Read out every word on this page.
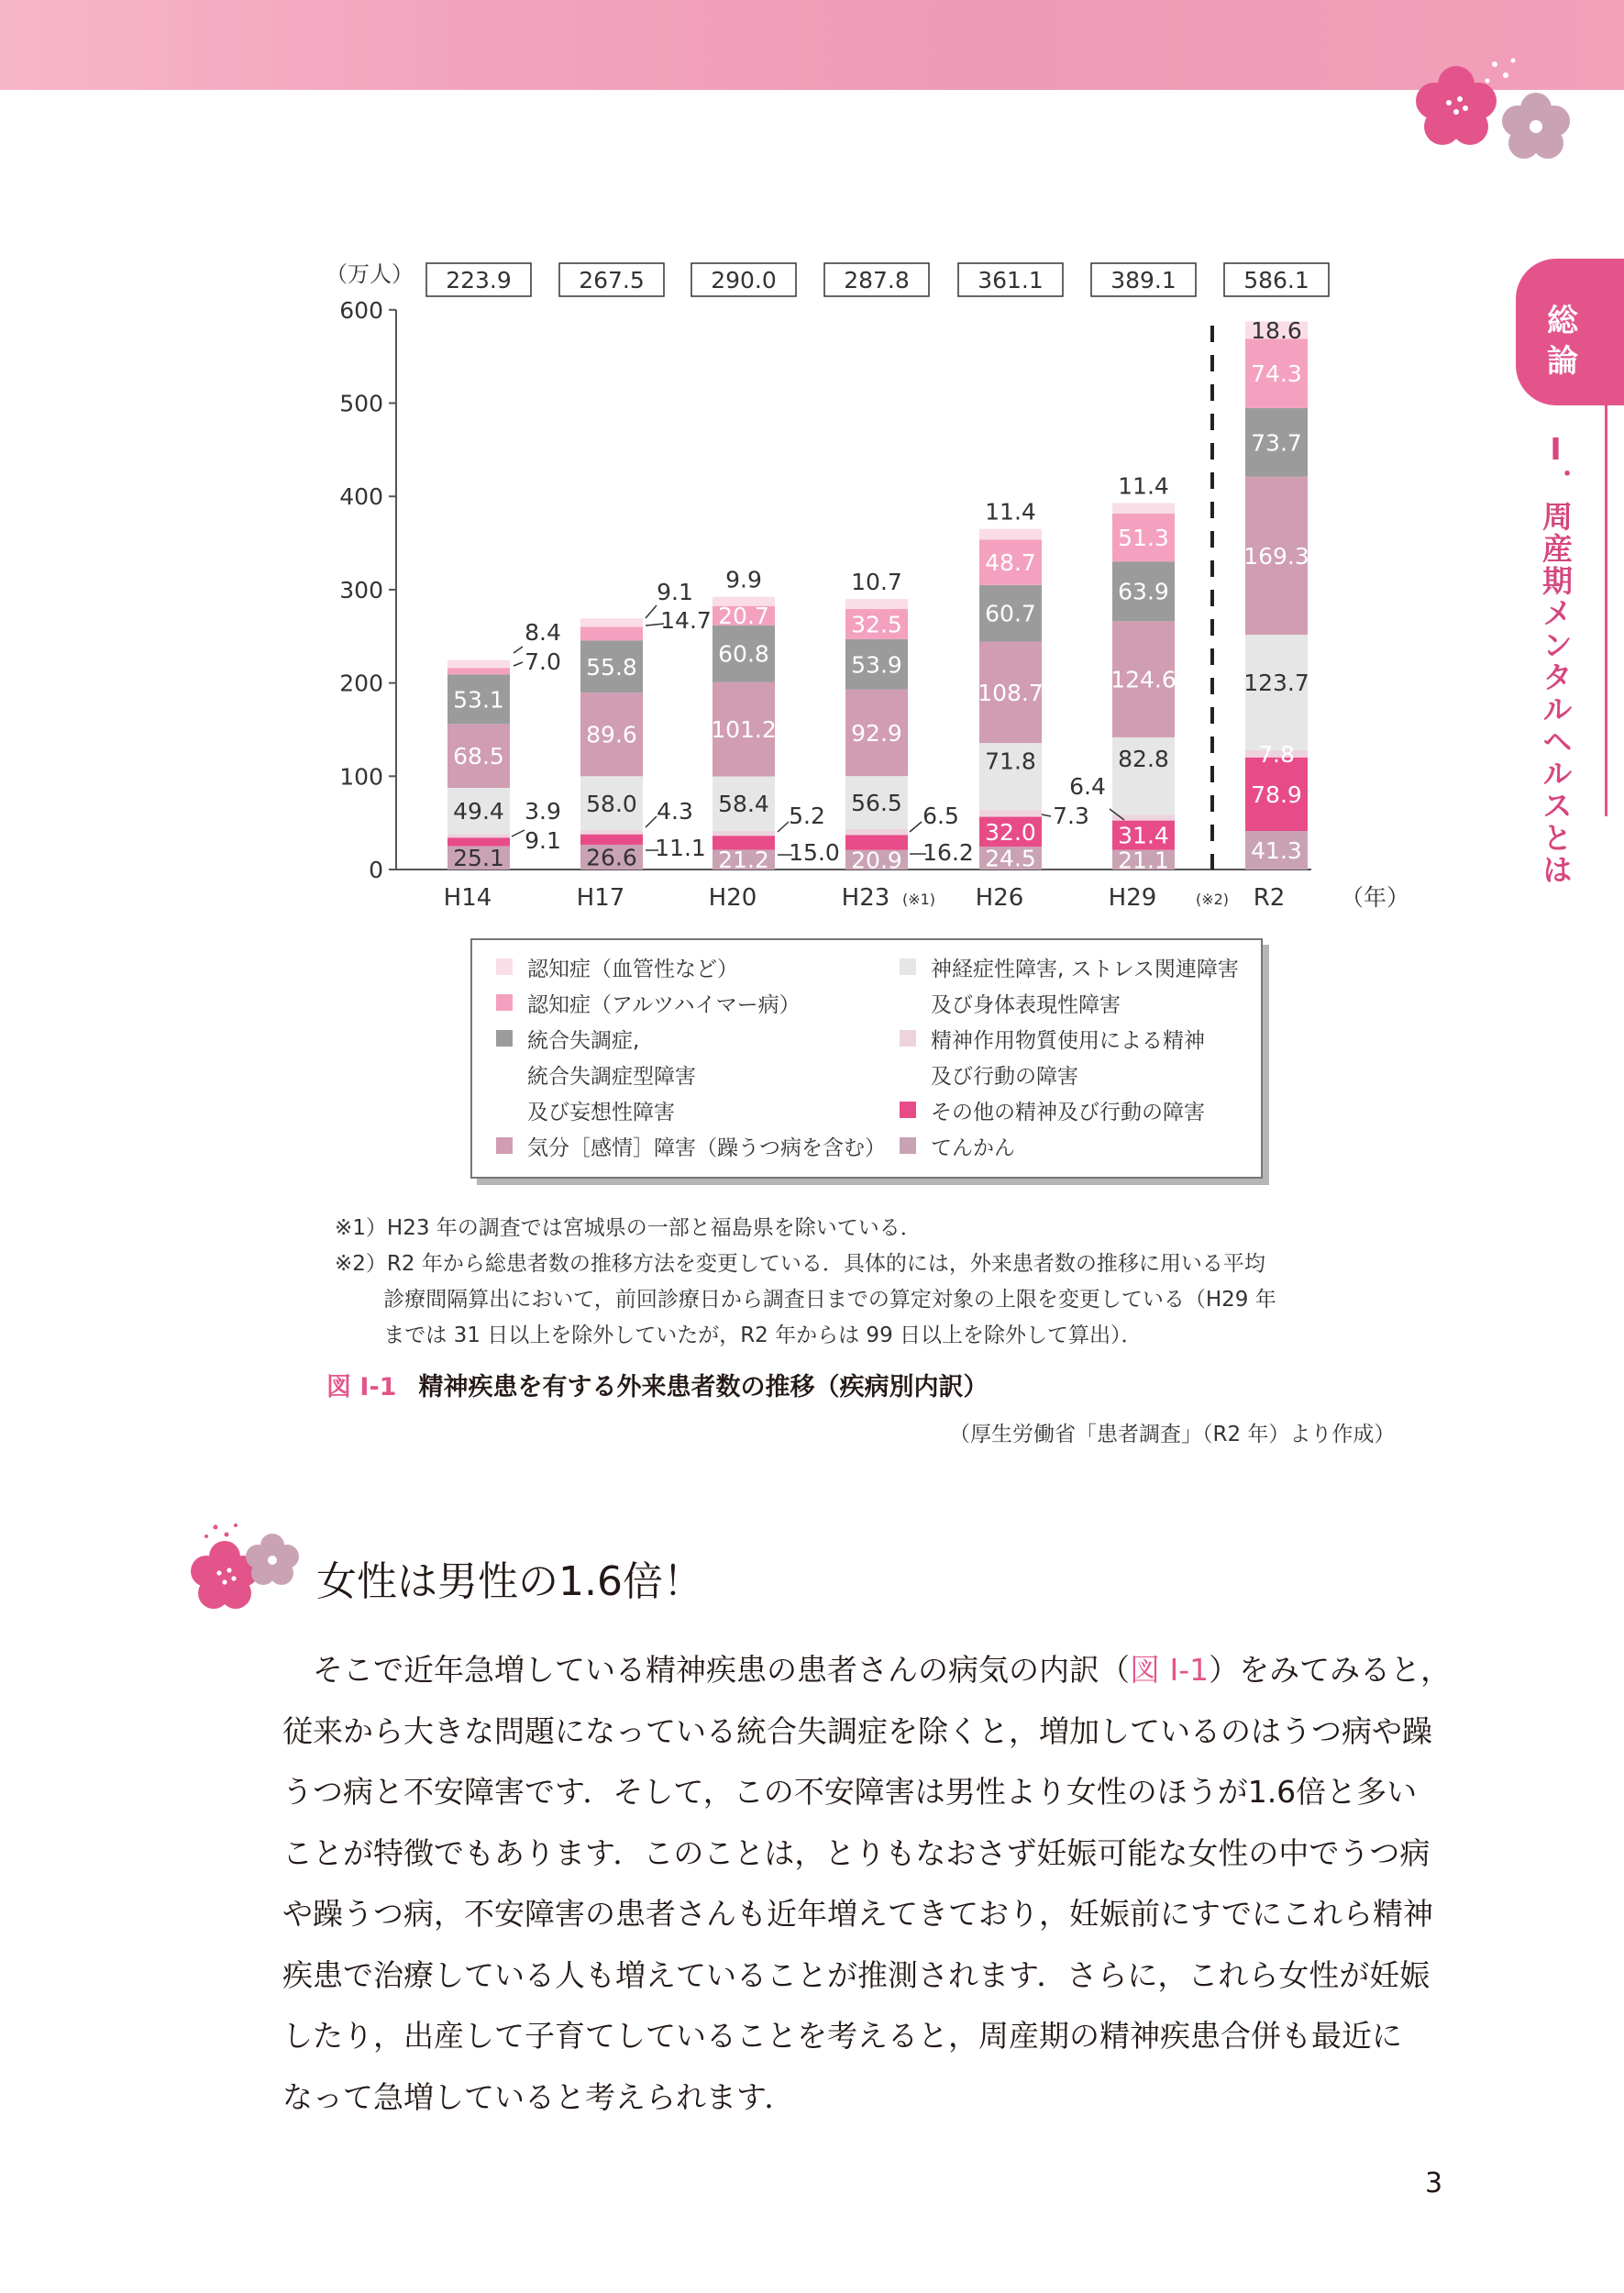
総
論
Ⅰ．周産期メンタルヘルスとは
0
100
200
300
400
500
600
（万人）
（年）
H14
223.9
H17
267.5
H20
290.0
H23 (※1)
287.8
H26
361.1
H29
389.1
R2
(※2)
586.1
25.1	26.6	21.2	20.9	24.5	21.1	41.3
32.0	31.4
78.9
7.8
49.4	58.0	58.4	56.5
71.8	82.8
123.7
68.5
89.6	101.2	92.9
108.7	124.6
169.3
53.1
55.8	60.8	53.9
60.7
63.9
73.7
20.7	32.5
48.7
51.3
74.3
18.6
9.9	10.7
11.4
11.4
8.4
7.0
3.9
9.1
9.1
14.7
4.3
11.1
5.2
15.0
6.5
16.2
7.3
6.4
認知症（血管性など）
認知症（アルツハイマー病）
統合失調症,
統合失調症型障害
及び妄想性障害
気分［感情］障害（躁うつ病を含む）
神経症性障害, ストレス関連障害
及び身体表現性障害
精神作用物質使用による精神
及び行動の障害
その他の精神及び行動の障害
てんかん
※1）H23 年の調査では宮城県の一部と福島県を除いている．
※2）R2 年から総患者数の推移方法を変更している．具体的には，外来患者数の推移に用いる平均
　　 診療間隔算出において，前回診療日から調査日までの算定対象の上限を変更している（H29 年
　　 までは 31 日以上を除外していたが，R2 年からは 99 日以上を除外して算出）．
図 Ⅰ-1 精神疾患を有する外来患者数の推移（疾病別内訳）
（厚生労働省「患者調査」（R2 年）より作成）
女性は男性の1.6倍！
　そこで近年急増している精神疾患の患者さんの病気の内訳（図 Ⅰ-1）をみてみると，
従来から大きな問題になっている統合失調症を除くと，増加しているのはうつ病や躁
うつ病と不安障害です．そして，この不安障害は男性より女性のほうが1.6倍と多い
ことが特徴でもあります．このことは，とりもなおさず妊娠可能な女性の中でうつ病
や躁うつ病，不安障害の患者さんも近年増えてきており，妊娠前にすでにこれら精神
疾患で治療している人も増えていることが推測されます．さらに，これら女性が妊娠
したり，出産して子育てしていることを考えると，周産期の精神疾患合併も最近に
なって急増していると考えられます．
3
